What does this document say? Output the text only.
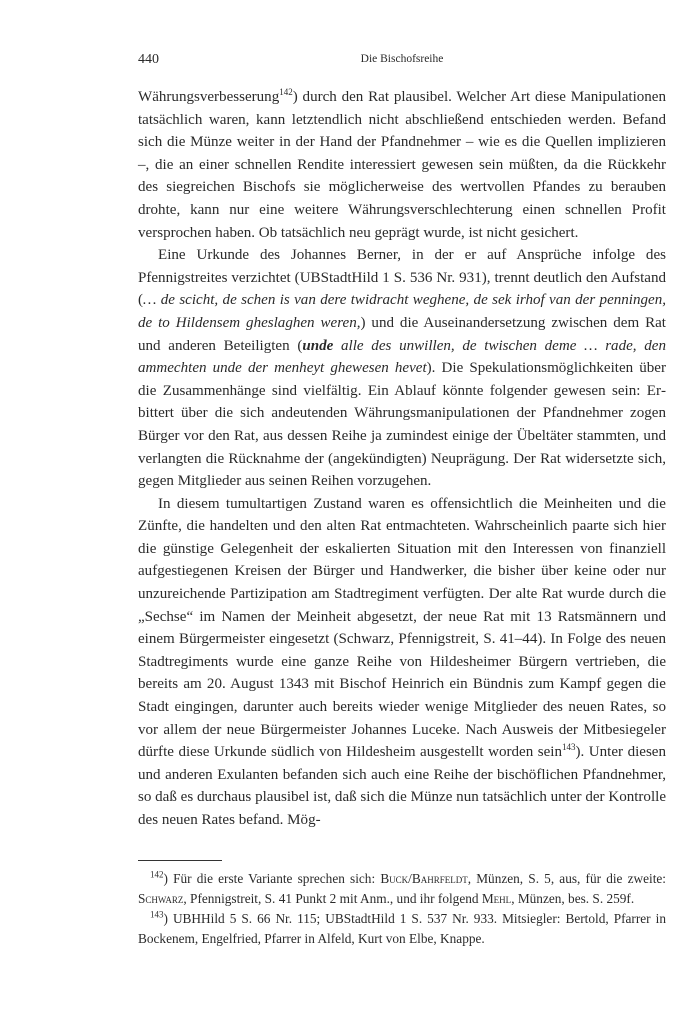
440	Die Bischofsreihe

Währungsverbesserung$^{142}$) durch den Rat plausibel. Welcher Art diese Manipulationen tatsächlich waren, kann letztendlich nicht abschließend entschieden werden. Befand sich die Münze weiter in der Hand der Pfandnehmer – wie es die Quellen implizieren –, die an einer schnellen Rendite interessiert gewesen sein müßten, da die Rückkehr des siegreichen Bischofs sie möglicherweise des wertvollen Pfandes zu berauben drohte, kann nur eine weitere Währungsverschlechterung einen schnellen Profit versprochen haben. Ob tatsächlich neu geprägt wurde, ist nicht gesichert.

Eine Urkunde des Johannes Berner, in der er auf Ansprüche infolge des Pfennigstreites verzichtet (UBStadtHild 1 S. 536 Nr. 931), trennt deutlich den Aufstand (… de scicht, de schen is van dere twidracht weghene, de sek irhof van der penningen, de to Hildensem gheslaghen weren,) und die Auseinandersetzung zwischen dem Rat und anderen Beteiligten (unde alle des unwillen, de twischen deme … rade, den ammechten unde der menheyt ghewesen hevet). Die Spekulationsmöglichkeiten über die Zusammenhänge sind vielfältig. Ein Ablauf könnte folgender gewesen sein: Erbittert über die sich andeutenden Währungsmanipulationen der Pfandnehmer zogen Bürger vor den Rat, aus dessen Reihe ja zumindest einige der Übeltäter stammten, und verlangten die Rücknahme der (angekündigten) Neuprägung. Der Rat widersetzte sich, gegen Mitglieder aus seinen Reihen vorzugehen.

In diesem tumultartigen Zustand waren es offensichtlich die Meinheiten und die Zünfte, die handelten und den alten Rat entmachteten. Wahrscheinlich paarte sich hier die günstige Gelegenheit der eskalierten Situation mit den Interessen von finanziell aufgestiegenen Kreisen der Bürger und Handwerker, die bisher über keine oder nur unzureichende Partizipation am Stadtregiment verfügten. Der alte Rat wurde durch die „Sechse“ im Namen der Meinheit abgesetzt, der neue Rat mit 13 Ratsmännern und einem Bürgermeister eingesetzt (Schwarz, Pfennigstreit, S. 41–44). In Folge des neuen Stadtregiments wurde eine ganze Reihe von Hildesheimer Bürgern vertrieben, die bereits am 20. August 1343 mit Bischof Heinrich ein Bündnis zum Kampf gegen die Stadt eingingen, darunter auch bereits wieder wenige Mitglieder des neuen Rates, so vor allem der neue Bürgermeister Johannes Luceke. Nach Ausweis der Mitbesiegeler dürfte diese Urkunde südlich von Hildesheim ausgestellt worden sein$^{143}$). Unter diesen und anderen Exulanten befanden sich auch eine Reihe der bischöflichen Pfandnehmer, so daß es durchaus plausibel ist, daß sich die Münze nun tatsächlich unter der Kontrolle des neuen Rates befand. Mög-

$^{142}$) Für die erste Variante sprechen sich: Buck/Bahrfeldt, Münzen, S. 5, aus, für die zweite: Schwarz, Pfennigstreit, S. 41 Punkt 2 mit Anm., und ihr folgend Mehl, Münzen, bes. S. 259f.

$^{143}$) UBHHild 5 S. 66 Nr. 115; UBStadtHild 1 S. 537 Nr. 933. Mitsiegler: Bertold, Pfarrer in Bockenem, Engelfried, Pfarrer in Alfeld, Kurt von Elbe, Knappe.
